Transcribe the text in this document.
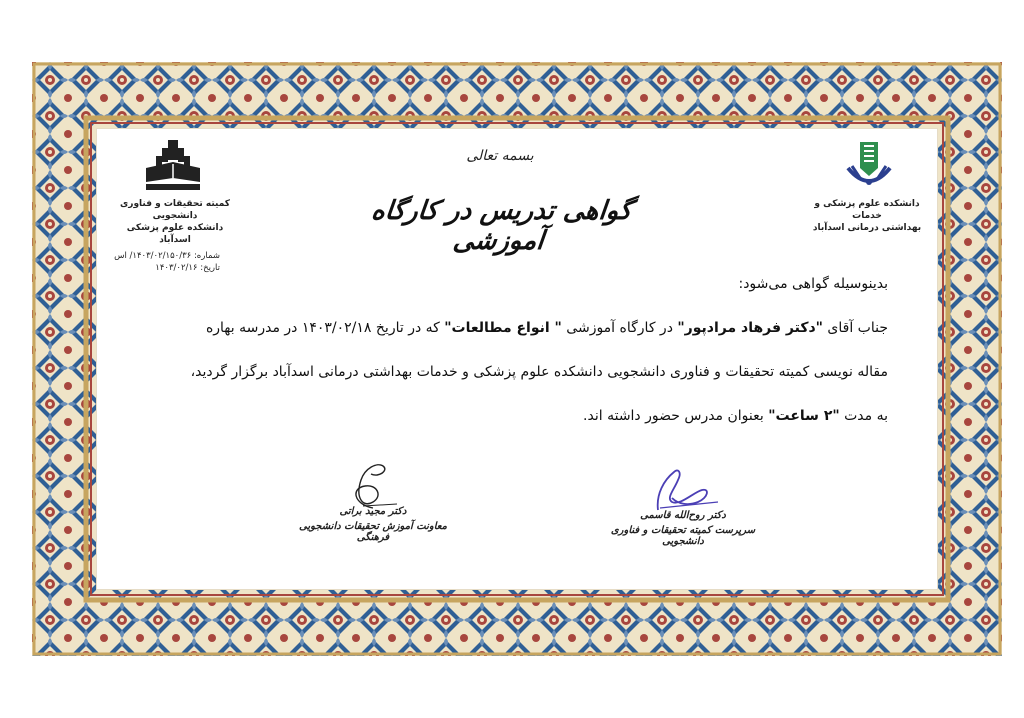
کمیته تحقیقات و فناوری دانشجویی
دانشکده علوم پزشکی اسدآباد
شماره: ۱۴۰۳/۰۲/۱۵۰/۳۶/ اس
تاریخ: ۱۴۰۳/۰۲/۱۶
دانشکده علوم پزشکی و خدمات
بهداشتی درمانی اسدآباد
بسمه تعالی
گواهی تدریس در کارگاه آموزشی
بدینوسیله گواهی می‌شود:
جناب آقای "دکتر فرهاد مرادپور" در کارگاه آموزشی " انواع مطالعات" که در تاریخ ۱۴۰۳/۰۲/۱۸ در مدرسه بهاره
مقاله نویسی کمیته تحقیقات و فناوری دانشجویی دانشکده علوم پزشکی و خدمات بهداشتی درمانی اسدآباد برگزار گردید،
به مدت "۲ ساعت" بعنوان مدرس حضور داشته اند.
دکتر مجید براتی
معاونت آموزش تحقیقات دانشجویی فرهنگی
دکتر روح‌الله قاسمی
سرپرست کمیته تحقیقات و فناوری دانشجویی
